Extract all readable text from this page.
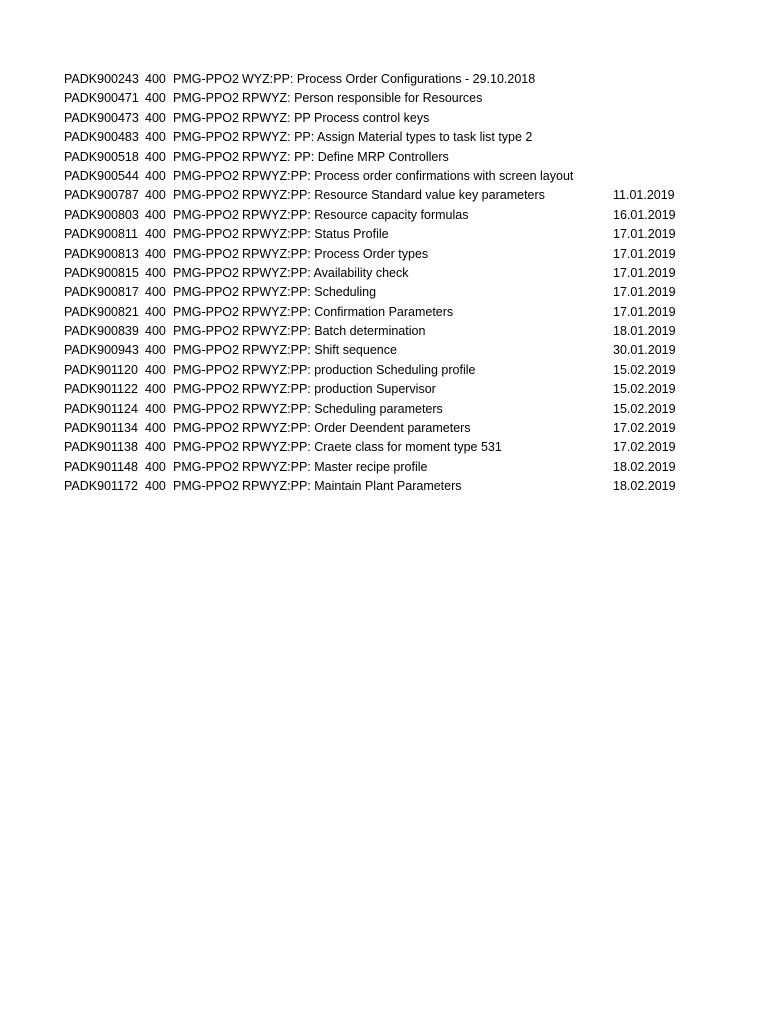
PADK900243 400 PMG-PPO2 WYZ:PP: Process Order Configurations - 29.10.2018
PADK900471 400 PMG-PPO2 RPWYZ: Person responsible for Resources
PADK900473 400 PMG-PPO2 RPWYZ: PP Process control keys
PADK900483 400 PMG-PPO2 RPWYZ: PP: Assign Material types to task list type 2
PADK900518 400 PMG-PPO2 RPWYZ: PP: Define MRP Controllers
PADK900544 400 PMG-PPO2 RPWYZ:PP: Process order confirmations with screen layout
PADK900787 400 PMG-PPO2 RPWYZ:PP: Resource Standard value key parameters	11.01.2019
PADK900803 400 PMG-PPO2 RPWYZ:PP: Resource capacity formulas	16.01.2019
PADK900811 400 PMG-PPO2 RPWYZ:PP: Status Profile	17.01.2019
PADK900813 400 PMG-PPO2 RPWYZ:PP: Process Order types	17.01.2019
PADK900815 400 PMG-PPO2 RPWYZ:PP: Availability check	17.01.2019
PADK900817 400 PMG-PPO2 RPWYZ:PP: Scheduling	17.01.2019
PADK900821 400 PMG-PPO2 RPWYZ:PP: Confirmation Parameters	17.01.2019
PADK900839 400 PMG-PPO2 RPWYZ:PP: Batch determination	18.01.2019
PADK900943 400 PMG-PPO2 RPWYZ:PP: Shift sequence	30.01.2019
PADK901120 400 PMG-PPO2 RPWYZ:PP: production Scheduling profile	15.02.2019
PADK901122 400 PMG-PPO2 RPWYZ:PP: production Supervisor	15.02.2019
PADK901124 400 PMG-PPO2 RPWYZ:PP: Scheduling parameters	15.02.2019
PADK901134 400 PMG-PPO2 RPWYZ:PP: Order Deendent parameters	17.02.2019
PADK901138 400 PMG-PPO2 RPWYZ:PP: Craete class for moment type 531	17.02.2019
PADK901148 400 PMG-PPO2 RPWYZ:PP: Master recipe profile	18.02.2019
PADK901172 400 PMG-PPO2 RPWYZ:PP: Maintain Plant Parameters	18.02.2019
